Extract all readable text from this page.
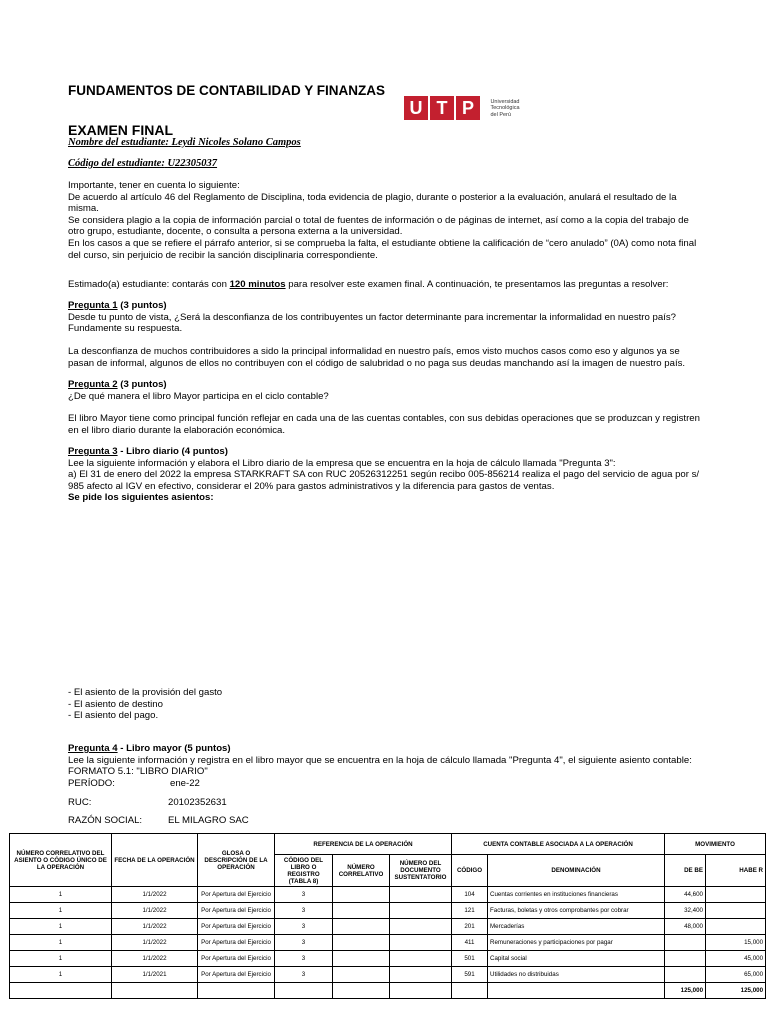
FUNDAMENTOS DE CONTABILIDAD Y FINANZAS
U T P	Universidad
Tecnológica
del Perú
EXAMEN FINAL
Nombre del estudiante: Leydi Nicoles Solano Campos
Código del estudiante: U22305037
Importante, tener en cuenta lo siguiente:
De acuerdo al artículo 46 del Reglamento de Disciplina, toda evidencia de plagio, durante o posterior a la evaluación, anulará el resultado de la misma.
Se considera plagio a la copia de información parcial o total de fuentes de información o de páginas de internet, así como a la copia del trabajo de otro grupo, estudiante, docente, o consulta a persona externa a la universidad.
En los casos a que se refiere el párrafo anterior, si se comprueba la falta, el estudiante obtiene la calificación de “cero anulado” (0A) como nota final del curso, sin perjuicio de recibir la sanción disciplinaria correspondiente.
Estimado(a) estudiante: contarás con 120 minutos para resolver este examen final. A continuación, te presentamos las preguntas a resolver:
Pregunta 1 (3 puntos)
Desde tu punto de vista, ¿Será la desconfianza de los contribuyentes un factor determinante para incrementar la informalidad en nuestro país? Fundamente su respuesta.
La desconfianza de muchos contribuidores a sido la principal informalidad en nuestro país, emos visto muchos casos como eso y algunos ya se pasan de informal, algunos de ellos no contribuyen con el código de salubridad o no paga sus deudas manchando así la imagen de nuestro país.
Pregunta 2 (3 puntos)
¿De qué manera el libro Mayor participa en el ciclo contable?
El libro Mayor tiene como principal función reflejar en cada una de las cuentas contables, con sus debidas operaciones que se produzcan y registren en el libro diario durante la elaboración económica.
Pregunta 3 - Libro diario (4 puntos)
Lee la siguiente información y elabora el Libro diario de la empresa que se encuentra en la hoja de cálculo llamada "Pregunta 3":
a) El 31 de enero del 2022 la empresa STARKRAFT SA con RUC 20526312251 según recibo 005-856214 realiza el pago del servicio de agua por s/ 985 afecto al IGV en efectivo, considerar el 20% para gastos administrativos y la diferencia para gastos de ventas.
Se pide los siguientes asientos:
- El asiento de la provisión del gasto
- El asiento de destino
- El asiento del pago.
Pregunta 4 - Libro mayor (5 puntos)
Lee la siguiente información y registra en el libro mayor que se encuentra en la hoja de cálculo llamada "Pregunta 4", el siguiente asiento contable:
FORMATO 5.1: "LIBRO DIARIO"
PERÍODO:	ene-22
RUC:	20102352631
RAZÓN SOCIAL:	EL MILAGRO SAC
NÚMERO CORRELATIVO DEL ASIENTO O CÓDIGO ÚNICO DE LA OPERACIÓN	FECHA DE LA OPERACIÓN	GLOSA O DESCRIPCIÓN DE LA OPERACIÓN	REFERENCIA DE LA OPERACIÓN			CUENTA CONTABLE ASOCIADA A LA OPERACIÓN		MOVIMIENTO	
			CÓDIGO DEL LIBRO O REGISTRO (TABLA 8)	NÚMERO CORRELATIVO	NÚMERO DEL DOCUMENTO SUSTENTATORIO	CÓDIGO	DENOMINACIÓN	DE BE	HABE R
1	1/1/2022	Por Apertura del Ejercicio	3			104	Cuentas corrientes en instituciones financieras	44,600	
1	1/1/2022	Por Apertura del Ejercicio	3			121	Facturas, boletas y otros comprobantes por cobrar	32,400	
1	1/1/2022	Por Apertura del Ejercicio	3			201	Mercaderías	48,000	
1	1/1/2022	Por Apertura del Ejercicio	3			411	Remuneraciones y participaciones por pagar		15,000
1	1/1/2022	Por Apertura del Ejercicio	3			501	Capital social		45,000
1	1/1/2021	Por Apertura del Ejercicio	3			591	Utilidades no distribuidas		65,000
								125,000	125,000
